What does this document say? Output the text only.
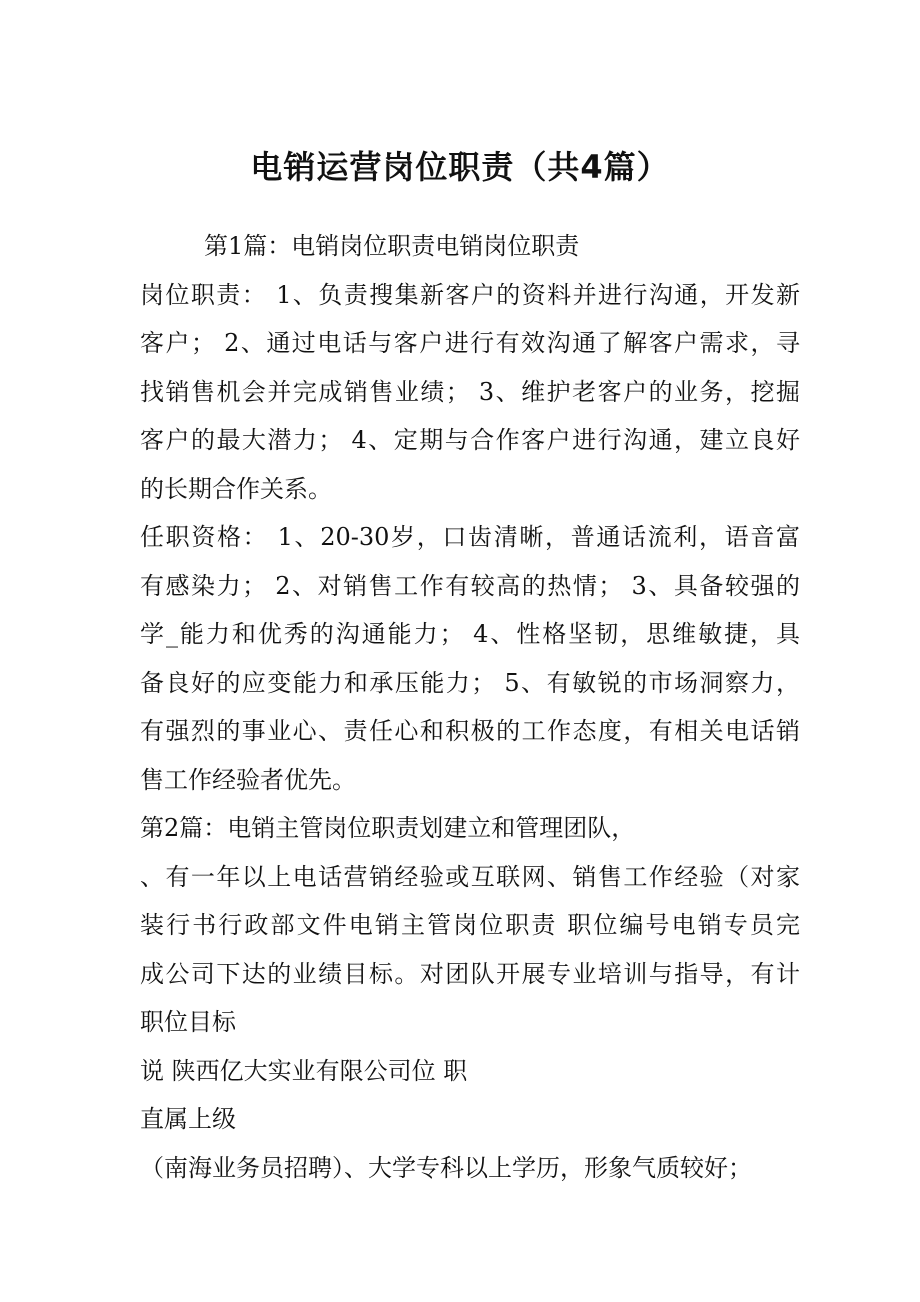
电销运营岗位职责（共4篇）
第1篇：电销岗位职责电销岗位职责
岗位职责： 1、负责搜集新客户的资料并进行沟通，开发新
客户； 2、通过电话与客户进行有效沟通了解客户需求，寻
找销售机会并完成销售业绩； 3、维护老客户的业务，挖掘
客户的最大潜力； 4、定期与合作客户进行沟通，建立良好
的长期合作关系。
任职资格： 1、20-30岁，口齿清晰，普通话流利，语音富
有感染力； 2、对销售工作有较高的热情； 3、具备较强的
学_能力和优秀的沟通能力； 4、性格坚韧，思维敏捷，具
备良好的应变能力和承压能力； 5、有敏锐的市场洞察力，
有强烈的事业心、责任心和积极的工作态度，有相关电话销
售工作经验者优先。
第2篇：电销主管岗位职责划建立和管理团队，
、有一年以上电话营销经验或互联网、销售工作经验（对家
装行书行政部文件电销主管岗位职责 职位编号电销专员完
成公司下达的业绩目标。对团队开展专业培训与指导，有计
职位目标
说 陕西亿大实业有限公司位 职
直属上级
（南海业务员招聘）、大学专科以上学历，形象气质较好；
